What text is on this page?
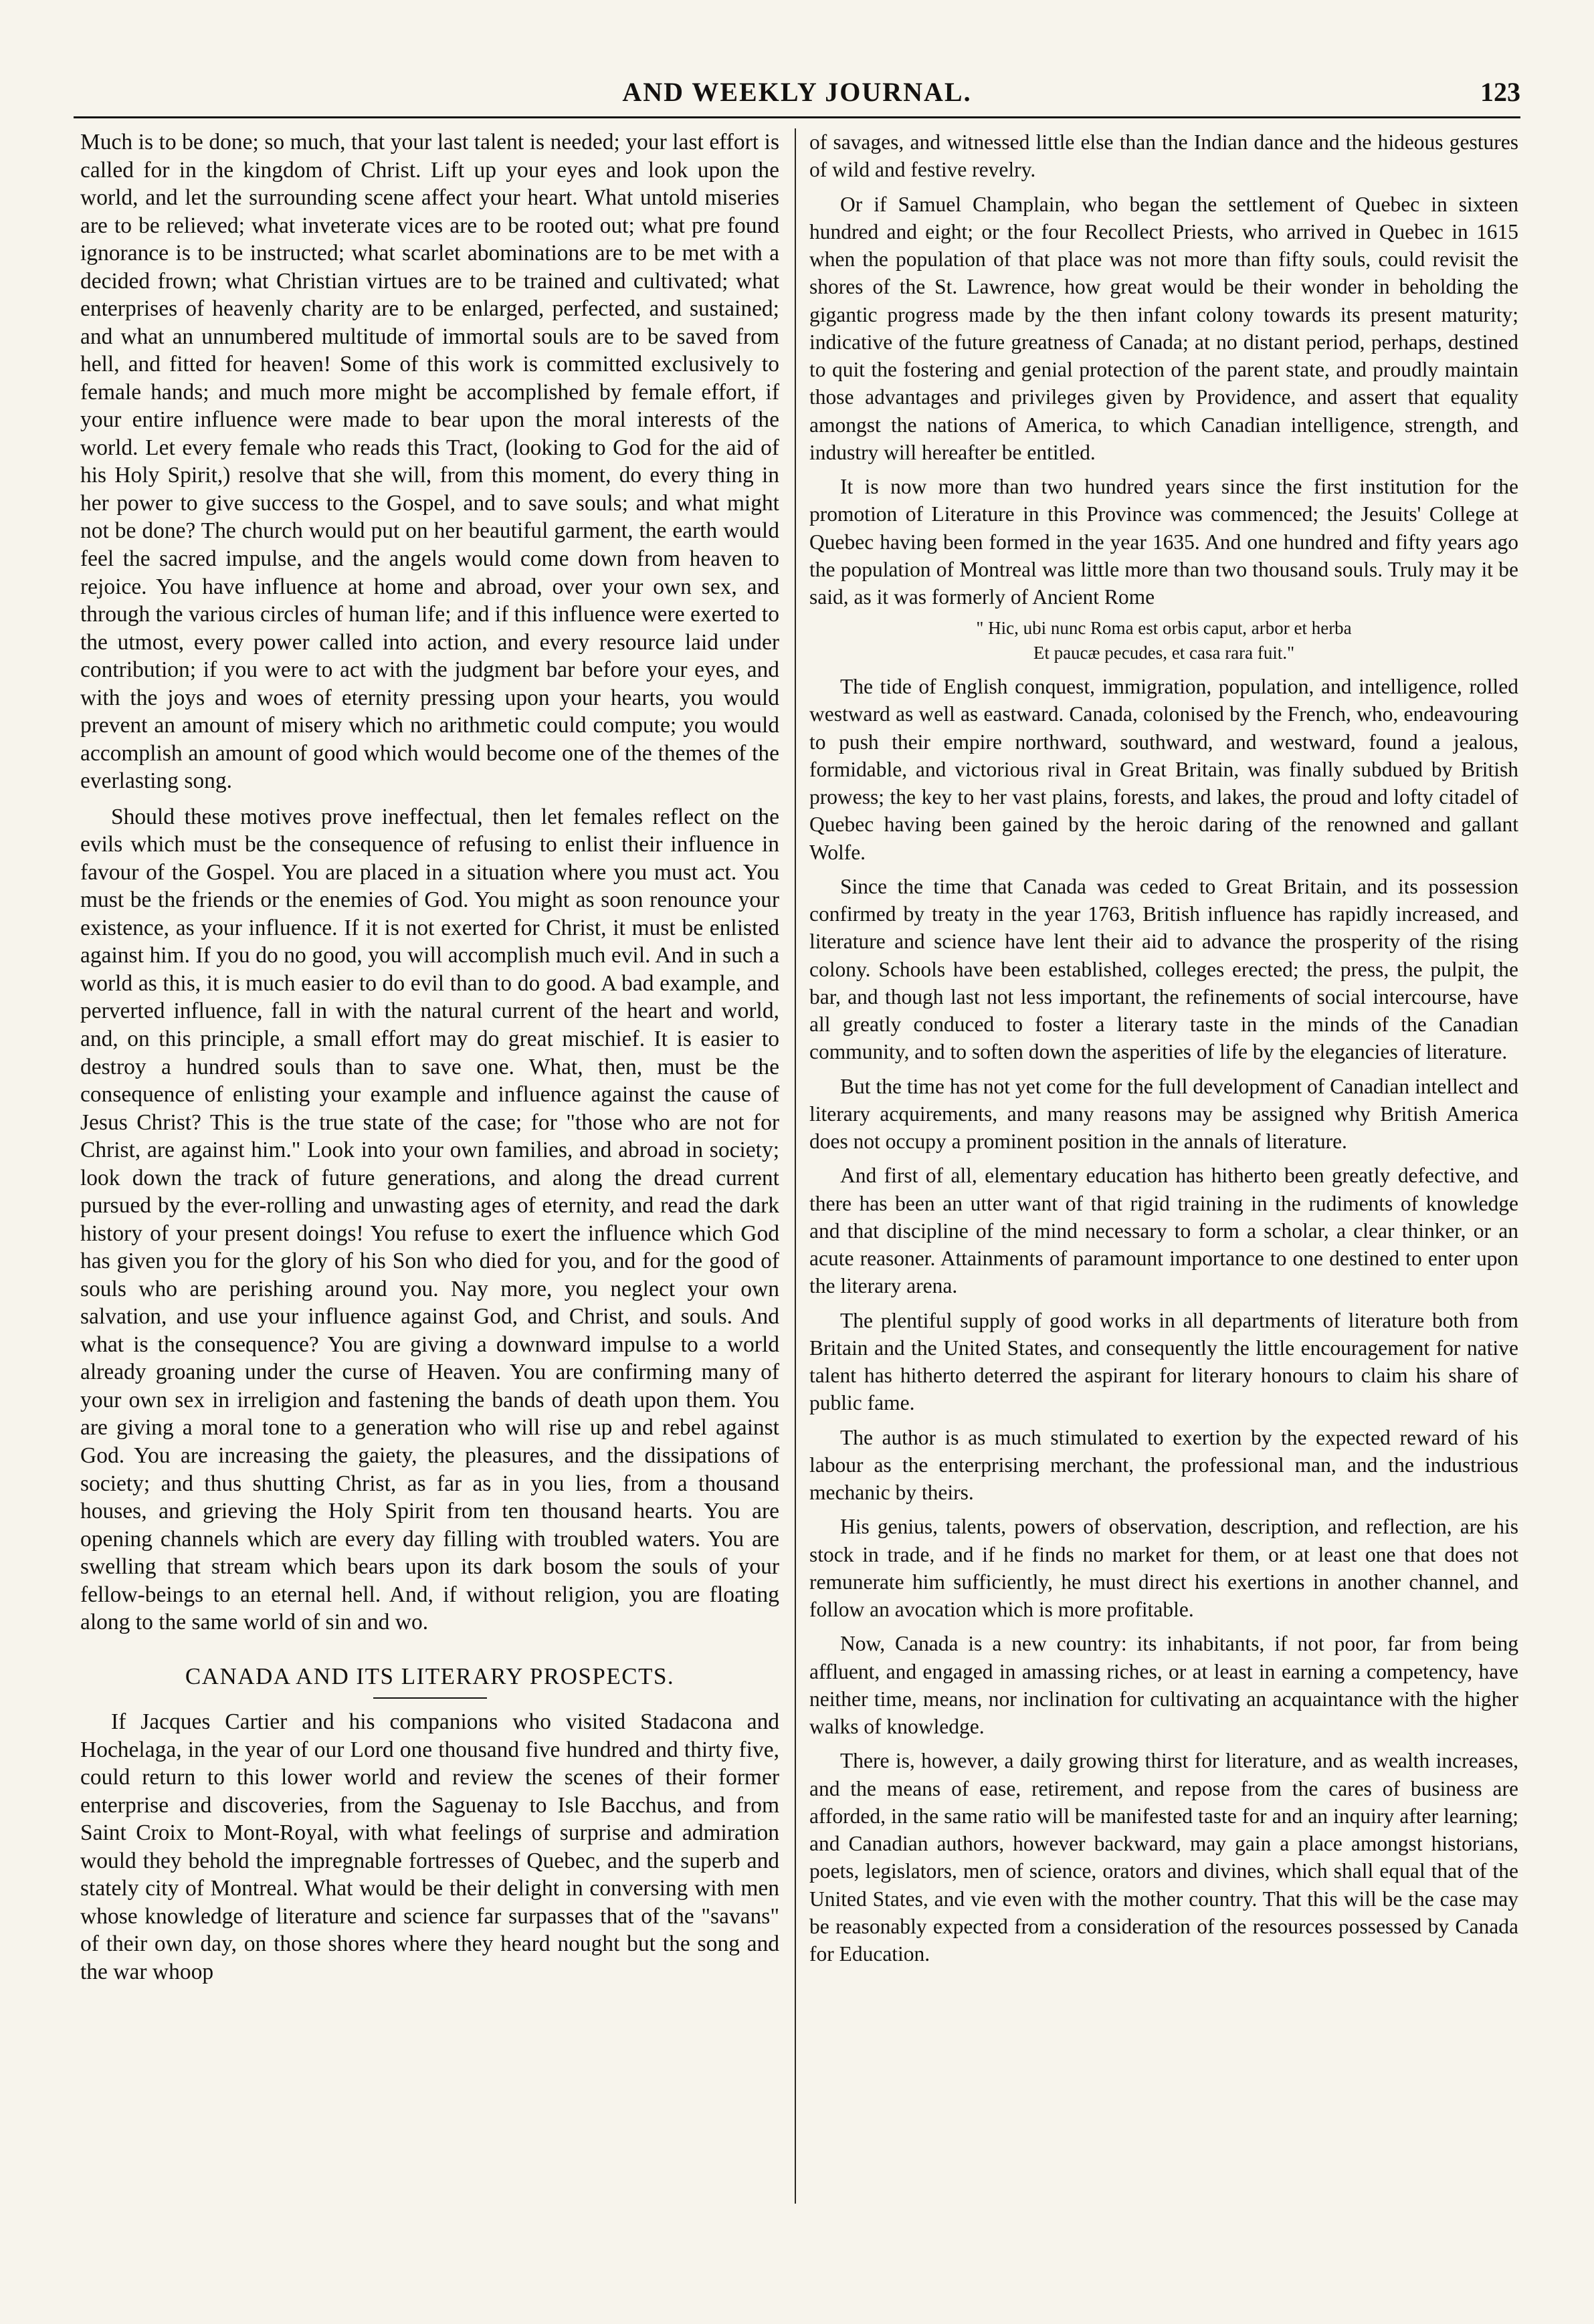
AND WEEKLY JOURNAL.	123

Much is to be done; so much, that your last talent is needed; your last effort is called for in the kingdom of Christ. Lift up your eyes and look upon the world, and let the surrounding scene affect your heart. What untold miseries are to be relieved; what inveterate vices are to be rooted out; what pre found ignorance is to be instructed; what scarlet abominations are to be met with a decided frown; what Christian virtues are to be trained and cultivated; what enterprises of heavenly charity are to be enlarged, perfected, and sustained; and what an unnumbered multitude of immortal souls are to be saved from hell, and fitted for heaven! Some of this work is committed exclusively to female hands; and much more might be accomplished by female effort, if your entire influence were made to bear upon the moral interests of the world. Let every female who reads this Tract, (looking to God for the aid of his Holy Spirit,) resolve that she will, from this moment, do every thing in her power to give success to the Gospel, and to save souls; and what might not be done? The church would put on her beautiful garment, the earth would feel the sacred impulse, and the angels would come down from heaven to rejoice. You have influence at home and abroad, over your own sex, and through the various circles of human life; and if this influence were exerted to the utmost, every power called into action, and every resource laid under contribution; if you were to act with the judgment bar before your eyes, and with the joys and woes of eternity pressing upon your hearts, you would prevent an amount of misery which no arithmetic could compute; you would accomplish an amount of good which would become one of the themes of the everlasting song.

Should these motives prove ineffectual, then let females reflect on the evils which must be the consequence of refusing to enlist their influence in favour of the Gospel. You are placed in a situation where you must act. You must be the friends or the enemies of God. You might as soon renounce your existence, as your influence. If it is not exerted for Christ, it must be enlisted against him. If you do no good, you will accomplish much evil. And in such a world as this, it is much easier to do evil than to do good. A bad example, and perverted influence, fall in with the natural current of the heart and world, and, on this principle, a small effort may do great mischief. It is easier to destroy a hundred souls than to save one. What, then, must be the consequence of enlisting your example and influence against the cause of Jesus Christ? This is the true state of the case; for "those who are not for Christ, are against him." Look into your own families, and abroad in society; look down the track of future generations, and along the dread current pursued by the ever-rolling and unwasting ages of eternity, and read the dark history of your present doings! You refuse to exert the influence which God has given you for the glory of his Son who died for you, and for the good of souls who are perishing around you. Nay more, you neglect your own salvation, and use your influence against God, and Christ, and souls. And what is the consequence? You are giving a downward impulse to a world already groaning under the curse of Heaven. You are confirming many of your own sex in irreligion and fastening the bands of death upon them. You are giving a moral tone to a generation who will rise up and rebel against God. You are increasing the gaiety, the pleasures, and the dissipations of society; and thus shutting Christ, as far as in you lies, from a thousand houses, and grieving the Holy Spirit from ten thousand hearts. You are opening channels which are every day filling with troubled waters. You are swelling that stream which bears upon its dark bosom the souls of your fellow-beings to an eternal hell. And, if without religion, you are floating along to the same world of sin and wo.

CANADA AND ITS LITERARY PROSPECTS.

If Jacques Cartier and his companions who visited Stadacona and Hochelaga, in the year of our Lord one thousand five hundred and thirty five, could return to this lower world and review the scenes of their former enterprise and discoveries, from the Saguenay to Isle Bacchus, and from Saint Croix to Mont-Royal, with what feelings of surprise and admiration would they behold the impregnable fortresses of Quebec, and the superb and stately city of Montreal. What would be their delight in conversing with men whose knowledge of literature and science far surpasses that of the "savans" of their own day, on those shores where they heard nought but the song and the war whoop

of savages, and witnessed little else than the Indian dance and the hideous gestures of wild and festive revelry.

Or if Samuel Champlain, who began the settlement of Quebec in sixteen hundred and eight; or the four Recollect Priests, who arrived in Quebec in 1615 when the population of that place was not more than fifty souls, could revisit the shores of the St. Lawrence, how great would be their wonder in beholding the gigantic progress made by the then infant colony towards its present maturity; indicative of the future greatness of Canada; at no distant period, perhaps, destined to quit the fostering and genial protection of the parent state, and proudly maintain those advantages and privileges given by Providence, and assert that equality amongst the nations of America, to which Canadian intelligence, strength, and industry will hereafter be entitled.

It is now more than two hundred years since the first institution for the promotion of Literature in this Province was commenced; the Jesuits' College at Quebec having been formed in the year 1635. And one hundred and fifty years ago the population of Montreal was little more than two thousand souls. Truly may it be said, as it was formerly of Ancient Rome

" Hic, ubi nunc Roma est orbis caput, arbor et herba
Et paucæ pecudes, et casa rara fuit."

The tide of English conquest, immigration, population, and intelligence, rolled westward as well as eastward. Canada, colonised by the French, who, endeavouring to push their empire northward, southward, and westward, found a jealous, formidable, and victorious rival in Great Britain, was finally subdued by British prowess; the key to her vast plains, forests, and lakes, the proud and lofty citadel of Quebec having been gained by the heroic daring of the renowned and gallant Wolfe.

Since the time that Canada was ceded to Great Britain, and its possession confirmed by treaty in the year 1763, British influence has rapidly increased, and literature and science have lent their aid to advance the prosperity of the rising colony. Schools have been established, colleges erected; the press, the pulpit, the bar, and though last not less important, the refinements of social intercourse, have all greatly conduced to foster a literary taste in the minds of the Canadian community, and to soften down the asperities of life by the elegancies of literature.

But the time has not yet come for the full development of Canadian intellect and literary acquirements, and many reasons may be assigned why British America does not occupy a prominent position in the annals of literature.

And first of all, elementary education has hitherto been greatly defective, and there has been an utter want of that rigid training in the rudiments of knowledge and that discipline of the mind necessary to form a scholar, a clear thinker, or an acute reasoner. Attainments of paramount importance to one destined to enter upon the literary arena.

The plentiful supply of good works in all departments of literature both from Britain and the United States, and consequently the little encouragement for native talent has hitherto deterred the aspirant for literary honours to claim his share of public fame.

The author is as much stimulated to exertion by the expected reward of his labour as the enterprising merchant, the professional man, and the industrious mechanic by theirs.

His genius, talents, powers of observation, description, and reflection, are his stock in trade, and if he finds no market for them, or at least one that does not remunerate him sufficiently, he must direct his exertions in another channel, and follow an avocation which is more profitable.

Now, Canada is a new country: its inhabitants, if not poor, far from being affluent, and engaged in amassing riches, or at least in earning a competency, have neither time, means, nor inclination for cultivating an acquaintance with the higher walks of knowledge.

There is, however, a daily growing thirst for literature, and as wealth increases, and the means of ease, retirement, and repose from the cares of business are afforded, in the same ratio will be manifested taste for and an inquiry after learning; and Canadian authors, however backward, may gain a place amongst historians, poets, legislators, men of science, orators and divines, which shall equal that of the United States, and vie even with the mother country. That this will be the case may be reasonably expected from a consideration of the resources possessed by Canada for Education.
